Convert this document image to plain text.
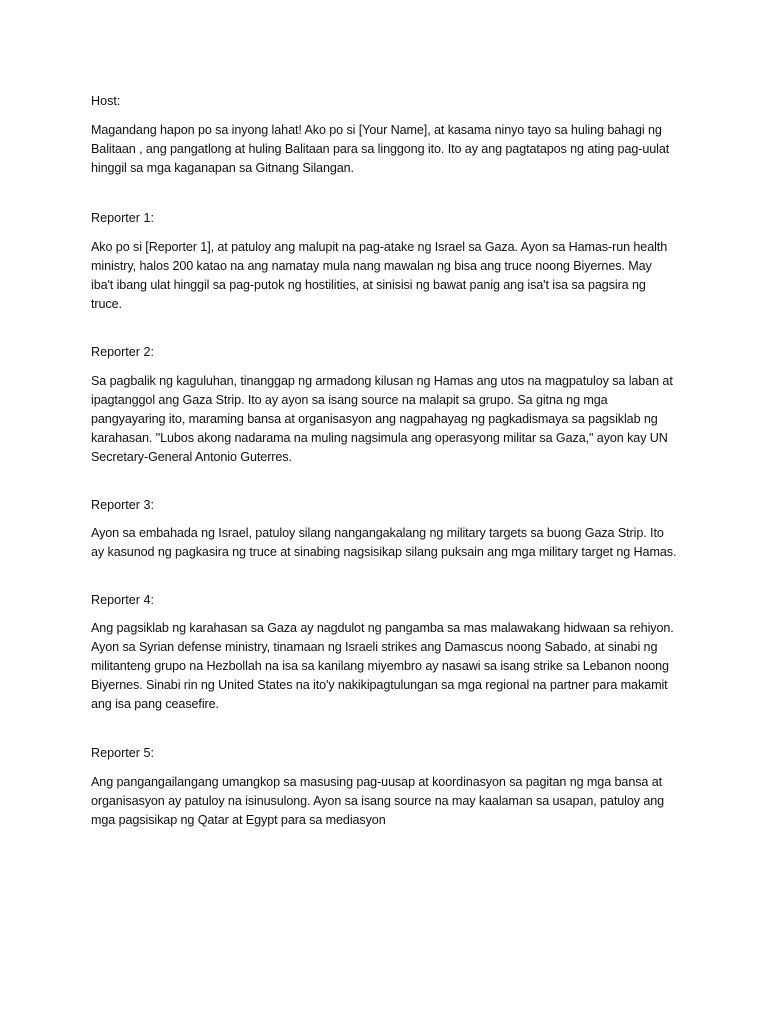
Host:

Magandang hapon po sa inyong lahat! Ako po si [Your Name], at kasama ninyo tayo sa huling bahagi ng
Balitaan , ang pangatlong at huling Balitaan para sa linggong ito. Ito ay ang pagtatapos ng ating pag-uulat
hinggil sa mga kaganapan sa Gitnang Silangan.

Reporter 1:

Ako po si [Reporter 1], at patuloy ang malupit na pag-atake ng Israel sa Gaza. Ayon sa Hamas-run health
ministry, halos 200 katao na ang namatay mula nang mawalan ng bisa ang truce noong Biyernes. May
iba't ibang ulat hinggil sa pag-putok ng hostilities, at sinisisi ng bawat panig ang isa't isa sa pagsira ng
truce.

Reporter 2:

Sa pagbalik ng kaguluhan, tinanggap ng armadong kilusan ng Hamas ang utos na magpatuloy sa laban at
ipagtanggol ang Gaza Strip. Ito ay ayon sa isang source na malapit sa grupo. Sa gitna ng mga
pangyayaring ito, maraming bansa at organisasyon ang nagpahayag ng pagkadismaya sa pagsiklab ng
karahasan. "Lubos akong nadarama na muling nagsimula ang operasyong militar sa Gaza," ayon kay UN
Secretary-General Antonio Guterres.

Reporter 3:

Ayon sa embahada ng Israel, patuloy silang nangangakalang ng military targets sa buong Gaza Strip. Ito
ay kasunod ng pagkasira ng truce at sinabing nagsisikap silang puksain ang mga military target ng Hamas.

Reporter 4:

Ang pagsiklab ng karahasan sa Gaza ay nagdulot ng pangamba sa mas malawakang hidwaan sa rehiyon.
Ayon sa Syrian defense ministry, tinamaan ng Israeli strikes ang Damascus noong Sabado, at sinabi ng
militanteng grupo na Hezbollah na isa sa kanilang miyembro ay nasawi sa isang strike sa Lebanon noong
Biyernes. Sinabi rin ng United States na ito'y nakikipagtulungan sa mga regional na partner para makamit
ang isa pang ceasefire.

Reporter 5:

Ang pangangailangang umangkop sa masusing pag-uusap at koordinasyon sa pagitan ng mga bansa at
organisasyon ay patuloy na isinusulong. Ayon sa isang source na may kaalaman sa usapan, patuloy ang
mga pagsisikap ng Qatar at Egypt para sa mediasyon
